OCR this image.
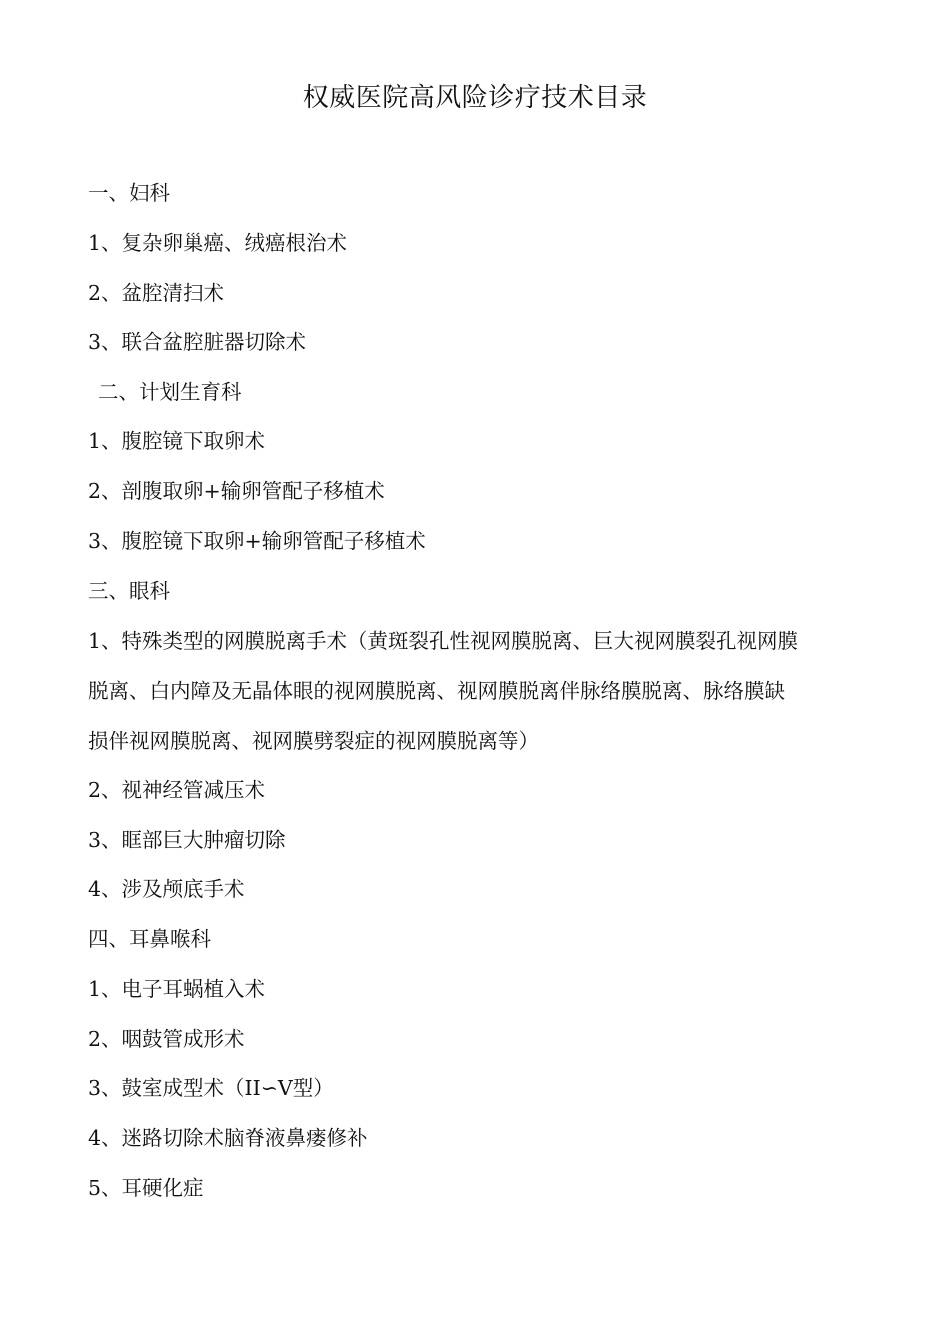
权威医院高风险诊疗技术目录
一、妇科
1、复杂卵巢癌、绒癌根治术
2、盆腔清扫术
3、联合盆腔脏器切除术
二、计划生育科
1、腹腔镜下取卵术
2、剖腹取卵+输卵管配子移植术
3、腹腔镜下取卵+输卵管配子移植术
三、眼科
1、特殊类型的网膜脱离手术（黄斑裂孔性视网膜脱离、巨大视网膜裂孔视网膜
脱离、白内障及无晶体眼的视网膜脱离、视网膜脱离伴脉络膜脱离、脉络膜缺
损伴视网膜脱离、视网膜劈裂症的视网膜脱离等）
2、视神经管减压术
3、眶部巨大肿瘤切除
4、涉及颅底手术
四、耳鼻喉科
1、电子耳蜗植入术
2、咽鼓管成形术
3、鼓室成型术（II∽V型）
4、迷路切除术脑脊液鼻瘘修补
5、耳硬化症
